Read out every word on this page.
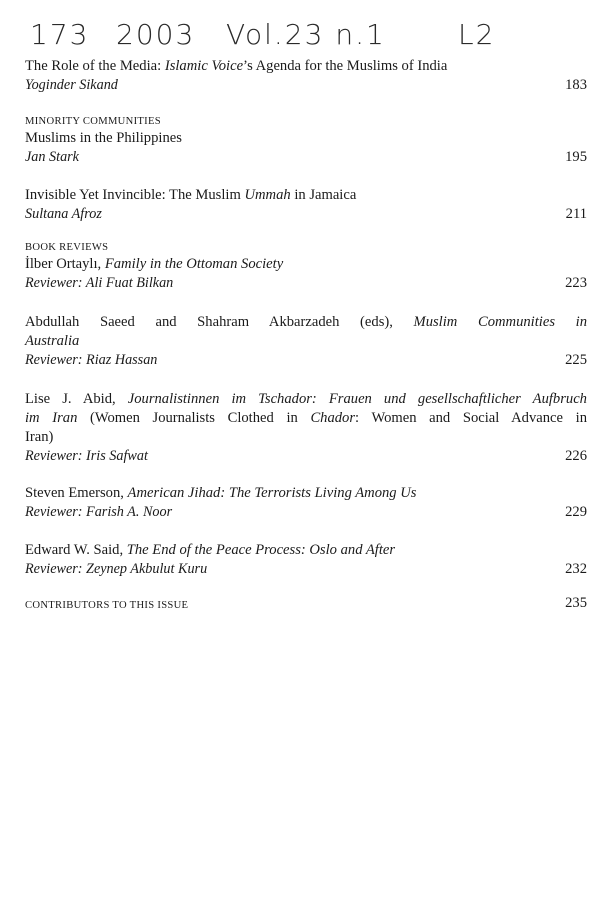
173 2003 Vol.23 n.1	L2
The Role of the Media: Islamic Voice’s Agenda for the Muslims of India
Yoginder Sikand	183
MINORITY COMMUNITIES
Muslims in the Philippines
Jan Stark	195
Invisible Yet Invincible: The Muslim Ummah in Jamaica
Sultana Afroz	211
BOOK REVIEWS
İlber Ortaylı, Family in the Ottoman Society
Reviewer: Ali Fuat Bilkan	223
Abdullah Saeed and Shahram Akbarzadeh (eds), Muslim Communities in
Australia
Reviewer: Riaz Hassan	225
Lise J. Abid, Journalistinnen im Tschador: Frauen und gesellschaftlicher Aufbruch
im Iran (Women Journalists Clothed in Chador: Women and Social Advance in
Iran)
Reviewer: Iris Safwat	226
Steven Emerson, American Jihad: The Terrorists Living Among Us
Reviewer: Farish A. Noor	229
Edward W. Said, The End of the Peace Process: Oslo and After
Reviewer: Zeynep Akbulut Kuru	232
CONTRIBUTORS TO THIS ISSUE	235
